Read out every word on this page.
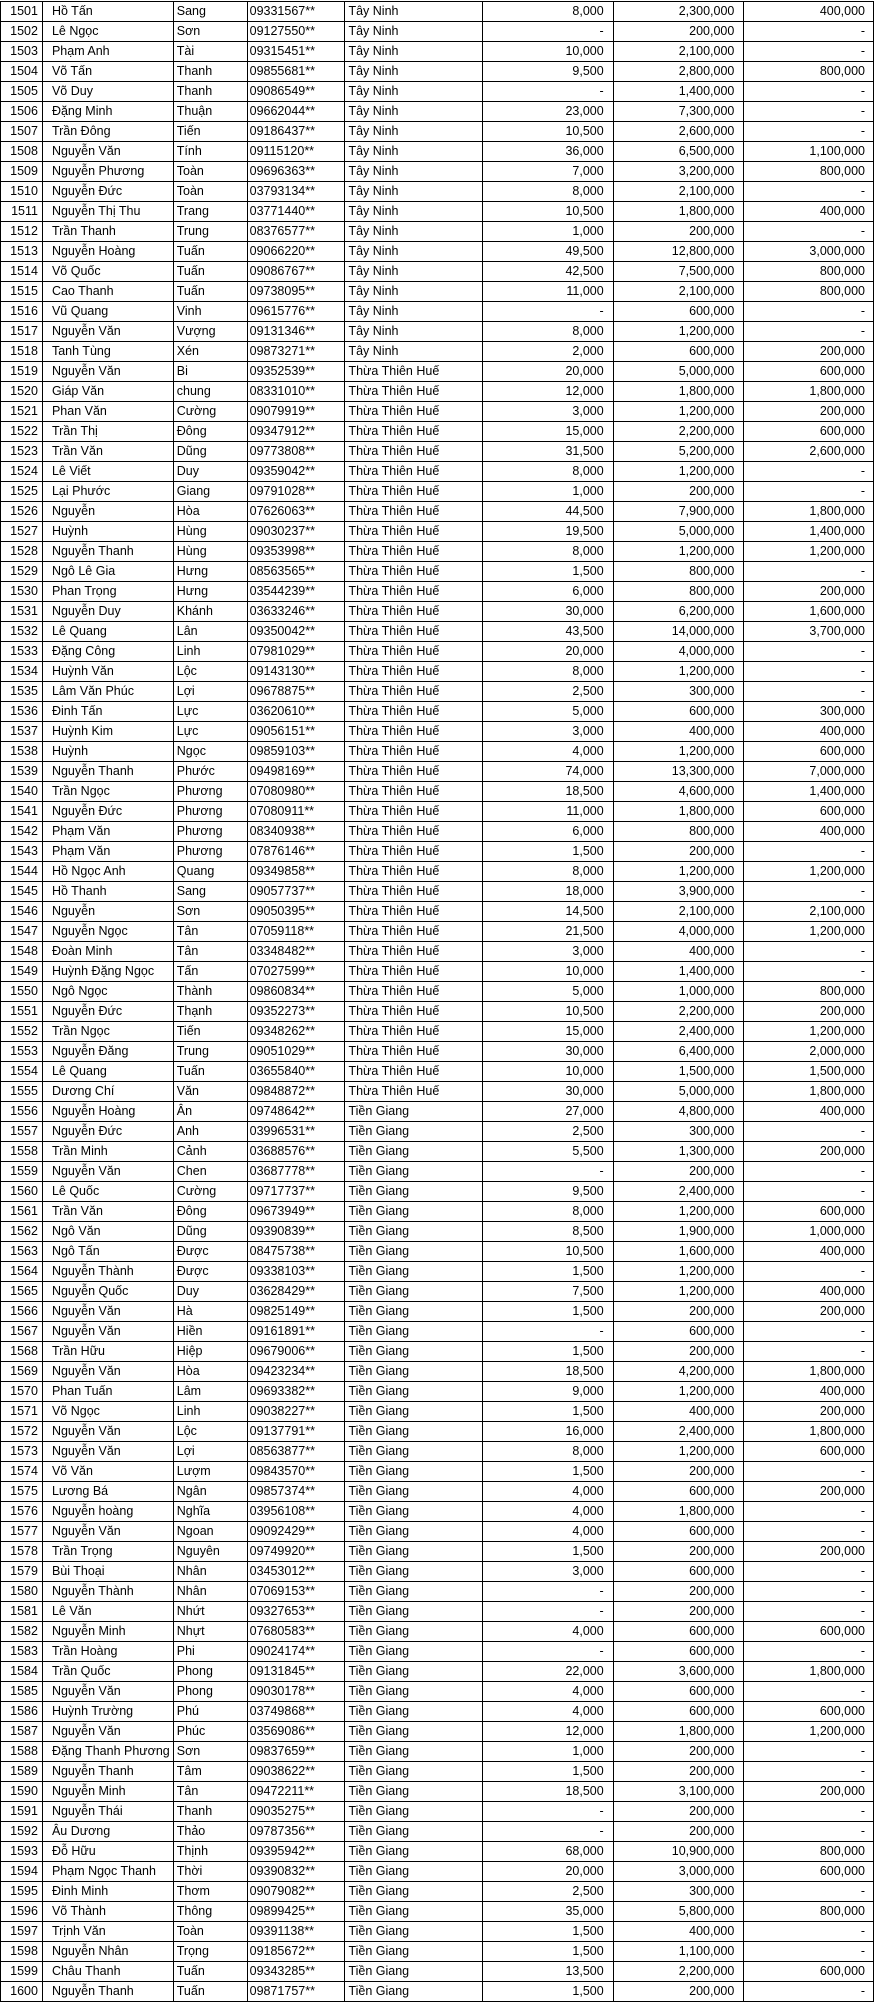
1501	Hồ Tấn	Sang	09331567**	Tây Ninh	8,000	2,300,000	400,000
1502	Lê Ngọc	Sơn	09127550**	Tây Ninh	-	200,000	-
1503	Phạm Anh	Tài	09315451**	Tây Ninh	10,000	2,100,000	-
1504	Võ Tấn	Thanh	09855681**	Tây Ninh	9,500	2,800,000	800,000
1505	Võ Duy	Thanh	09086549**	Tây Ninh	-	1,400,000	-
1506	Đặng Minh	Thuận	09662044**	Tây Ninh	23,000	7,300,000	-
1507	Trần Đông	Tiến	09186437**	Tây Ninh	10,500	2,600,000	-
1508	Nguyễn Văn	Tính	09115120**	Tây Ninh	36,000	6,500,000	1,100,000
1509	Nguyễn Phương	Toàn	09696363**	Tây Ninh	7,000	3,200,000	800,000
1510	Nguyễn Đức	Toàn	03793134**	Tây Ninh	8,000	2,100,000	-
1511	Nguyễn Thị Thu	Trang	03771440**	Tây Ninh	10,500	1,800,000	400,000
1512	Trần Thanh	Trung	08376577**	Tây Ninh	1,000	200,000	-
1513	Nguyễn Hoàng	Tuấn	09066220**	Tây Ninh	49,500	12,800,000	3,000,000
1514	Võ Quốc	Tuấn	09086767**	Tây Ninh	42,500	7,500,000	800,000
1515	Cao Thanh	Tuấn	09738095**	Tây Ninh	11,000	2,100,000	800,000
1516	Vũ Quang	Vinh	09615776**	Tây Ninh	-	600,000	-
1517	Nguyễn Văn	Vượng	09131346**	Tây Ninh	8,000	1,200,000	-
1518	Tanh Tùng	Xén	09873271**	Tây Ninh	2,000	600,000	200,000
1519	Nguyễn Văn	Bi	09352539**	Thừa Thiên Huế	20,000	5,000,000	600,000
1520	Giáp Văn	chung	08331010**	Thừa Thiên Huế	12,000	1,800,000	1,800,000
1521	Phan Văn	Cường	09079919**	Thừa Thiên Huế	3,000	1,200,000	200,000
1522	Trần Thị	Đông	09347912**	Thừa Thiên Huế	15,000	2,200,000	600,000
1523	Trần Văn	Dũng	09773808**	Thừa Thiên Huế	31,500	5,200,000	2,600,000
1524	Lê Viết	Duy	09359042**	Thừa Thiên Huế	8,000	1,200,000	-
1525	Lại Phước	Giang	09791028**	Thừa Thiên Huế	1,000	200,000	-
1526	Nguyễn	Hòa	07626063**	Thừa Thiên Huế	44,500	7,900,000	1,800,000
1527	Huỳnh	Hùng	09030237**	Thừa Thiên Huế	19,500	5,000,000	1,400,000
1528	Nguyễn Thanh	Hùng	09353998**	Thừa Thiên Huế	8,000	1,200,000	1,200,000
1529	Ngô Lê Gia	Hưng	08563565**	Thừa Thiên Huế	1,500	800,000	-
1530	Phan Trọng	Hưng	03544239**	Thừa Thiên Huế	6,000	800,000	200,000
1531	Nguyễn Duy	Khánh	03633246**	Thừa Thiên Huế	30,000	6,200,000	1,600,000
1532	Lê Quang	Lân	09350042**	Thừa Thiên Huế	43,500	14,000,000	3,700,000
1533	Đặng Công	Linh	07981029**	Thừa Thiên Huế	20,000	4,000,000	-
1534	Huỳnh Văn	Lộc	09143130**	Thừa Thiên Huế	8,000	1,200,000	-
1535	Lâm Văn Phúc	Lợi	09678875**	Thừa Thiên Huế	2,500	300,000	-
1536	Đinh Tấn	Lực	03620610**	Thừa Thiên Huế	5,000	600,000	300,000
1537	Huỳnh Kim	Lực	09056151**	Thừa Thiên Huế	3,000	400,000	400,000
1538	Huỳnh	Ngọc	09859103**	Thừa Thiên Huế	4,000	1,200,000	600,000
1539	Nguyễn Thanh	Phước	09498169**	Thừa Thiên Huế	74,000	13,300,000	7,000,000
1540	Trần Ngọc	Phương	07080980**	Thừa Thiên Huế	18,500	4,600,000	1,400,000
1541	Nguyễn Đức	Phương	07080911**	Thừa Thiên Huế	11,000	1,800,000	600,000
1542	Phạm Văn	Phương	08340938**	Thừa Thiên Huế	6,000	800,000	400,000
1543	Phạm Văn	Phương	07876146**	Thừa Thiên Huế	1,500	200,000	-
1544	Hồ Ngọc Anh	Quang	09349858**	Thừa Thiên Huế	8,000	1,200,000	1,200,000
1545	Hồ Thanh	Sang	09057737**	Thừa Thiên Huế	18,000	3,900,000	-
1546	Nguyễn	Sơn	09050395**	Thừa Thiên Huế	14,500	2,100,000	2,100,000
1547	Nguyễn Ngọc	Tân	07059118**	Thừa Thiên Huế	21,500	4,000,000	1,200,000
1548	Đoàn Minh	Tân	03348482**	Thừa Thiên Huế	3,000	400,000	-
1549	Huỳnh Đặng Ngọc	Tấn	07027599**	Thừa Thiên Huế	10,000	1,400,000	-
1550	Ngô Ngọc	Thành	09860834**	Thừa Thiên Huế	5,000	1,000,000	800,000
1551	Nguyễn Đức	Thạnh	09352273**	Thừa Thiên Huế	10,500	2,200,000	200,000
1552	Trần Ngọc	Tiến	09348262**	Thừa Thiên Huế	15,000	2,400,000	1,200,000
1553	Nguyễn Đăng	Trung	09051029**	Thừa Thiên Huế	30,000	6,400,000	2,000,000
1554	Lê Quang	Tuấn	03655840**	Thừa Thiên Huế	10,000	1,500,000	1,500,000
1555	Dương Chí	Văn	09848872**	Thừa Thiên Huế	30,000	5,000,000	1,800,000
1556	Nguyễn Hoàng	Ân	09748642**	Tiền Giang	27,000	4,800,000	400,000
1557	Nguyễn Đức	Anh	03996531**	Tiền Giang	2,500	300,000	-
1558	Trần Minh	Cảnh	03688576**	Tiền Giang	5,500	1,300,000	200,000
1559	Nguyễn Văn	Chen	03687778**	Tiền Giang	-	200,000	-
1560	Lê Quốc	Cường	09717737**	Tiền Giang	9,500	2,400,000	-
1561	Trần Văn	Đông	09673949**	Tiền Giang	8,000	1,200,000	600,000
1562	Ngô Văn	Dũng	09390839**	Tiền Giang	8,500	1,900,000	1,000,000
1563	Ngô Tấn	Được	08475738**	Tiền Giang	10,500	1,600,000	400,000
1564	Nguyễn Thành	Được	09338103**	Tiền Giang	1,500	1,200,000	-
1565	Nguyễn Quốc	Duy	03628429**	Tiền Giang	7,500	1,200,000	400,000
1566	Nguyễn Văn	Hà	09825149**	Tiền Giang	1,500	200,000	200,000
1567	Nguyễn Văn	Hiền	09161891**	Tiền Giang	-	600,000	-
1568	Trần Hữu	Hiệp	09679006**	Tiền Giang	1,500	200,000	-
1569	Nguyễn Văn	Hòa	09423234**	Tiền Giang	18,500	4,200,000	1,800,000
1570	Phan Tuấn	Lâm	09693382**	Tiền Giang	9,000	1,200,000	400,000
1571	Võ Ngọc	Linh	09038227**	Tiền Giang	1,500	400,000	200,000
1572	Nguyễn Văn	Lộc	09137791**	Tiền Giang	16,000	2,400,000	1,800,000
1573	Nguyễn Văn	Lợi	08563877**	Tiền Giang	8,000	1,200,000	600,000
1574	Võ Văn	Lượm	09843570**	Tiền Giang	1,500	200,000	-
1575	Lương Bá	Ngân	09857374**	Tiền Giang	4,000	600,000	200,000
1576	Nguyễn hoàng	Nghĩa	03956108**	Tiền Giang	4,000	1,800,000	-
1577	Nguyễn Văn	Ngoan	09092429**	Tiền Giang	4,000	600,000	-
1578	Trần Trọng	Nguyên	09749920**	Tiền Giang	1,500	200,000	200,000
1579	Bùi Thoại	Nhân	03453012**	Tiền Giang	3,000	600,000	-
1580	Nguyễn Thành	Nhân	07069153**	Tiền Giang	-	200,000	-
1581	Lê Văn	Nhứt	09327653**	Tiền Giang	-	200,000	-
1582	Nguyễn Minh	Nhựt	07680583**	Tiền Giang	4,000	600,000	600,000
1583	Trần Hoàng	Phi	09024174**	Tiền Giang	-	600,000	-
1584	Trần Quốc	Phong	09131845**	Tiền Giang	22,000	3,600,000	1,800,000
1585	Nguyễn Văn	Phong	09030178**	Tiền Giang	4,000	600,000	-
1586	Huỳnh Trường	Phú	03749868**	Tiền Giang	4,000	600,000	600,000
1587	Nguyễn Văn	Phúc	03569086**	Tiền Giang	12,000	1,800,000	1,200,000
1588	Đặng Thanh Phương	Sơn	09837659**	Tiền Giang	1,000	200,000	-
1589	Nguyễn Thanh	Tâm	09038622**	Tiền Giang	1,500	200,000	-
1590	Nguyễn Minh	Tân	09472211**	Tiền Giang	18,500	3,100,000	200,000
1591	Nguyễn Thái	Thanh	09035275**	Tiền Giang	-	200,000	-
1592	Âu Dương	Thảo	09787356**	Tiền Giang	-	200,000	-
1593	Đỗ Hữu	Thịnh	09395942**	Tiền Giang	68,000	10,900,000	800,000
1594	Phạm Ngọc Thanh	Thời	09390832**	Tiền Giang	20,000	3,000,000	600,000
1595	Đinh Minh	Thơm	09079082**	Tiền Giang	2,500	300,000	-
1596	Võ Thành	Thông	09899425**	Tiền Giang	35,000	5,800,000	800,000
1597	Trịnh Văn	Toàn	09391138**	Tiền Giang	1,500	400,000	-
1598	Nguyễn Nhân	Trọng	09185672**	Tiền Giang	1,500	1,100,000	-
1599	Châu Thanh	Tuấn	09343285**	Tiền Giang	13,500	2,200,000	600,000
1600	Nguyễn Thanh	Tuấn	09871757**	Tiền Giang	1,500	200,000	-
